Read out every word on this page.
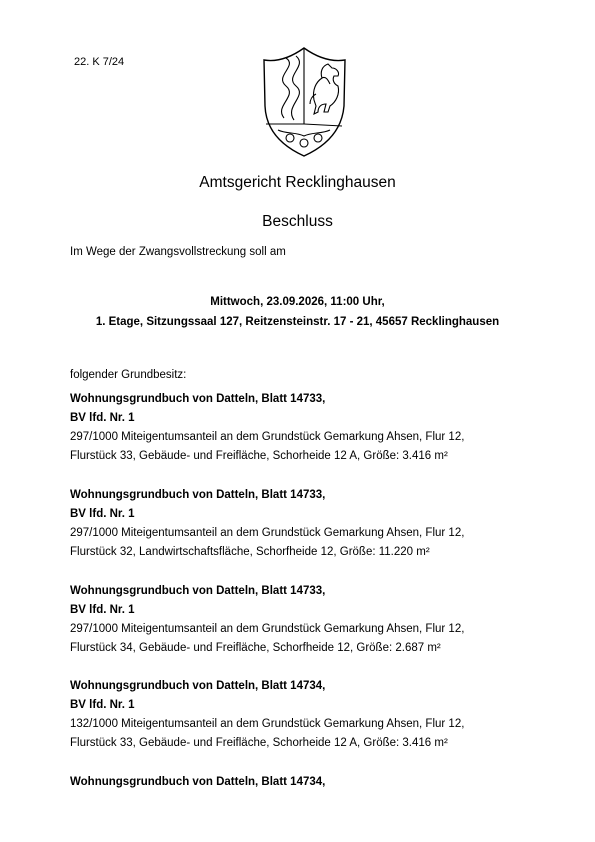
22. K 7/24
Amtsgericht Recklinghausen
Beschluss
Im Wege der Zwangsvollstreckung soll am
Mittwoch, 23.09.2026, 11:00 Uhr,
1. Etage, Sitzungssaal 127, Reitzensteinstr. 17 - 21, 45657 Recklinghausen
folgender Grundbesitz:
Wohnungsgrundbuch von Datteln, Blatt 14733,
BV lfd. Nr. 1
297/1000 Miteigentumsanteil an dem Grundstück Gemarkung Ahsen, Flur 12,
Flurstück 33, Gebäude- und Freifläche, Schorheide 12 A, Größe: 3.416 m²
Wohnungsgrundbuch von Datteln, Blatt 14733,
BV lfd. Nr. 1
297/1000 Miteigentumsanteil an dem Grundstück Gemarkung Ahsen, Flur 12,
Flurstück 32, Landwirtschaftsfläche, Schorfheide 12, Größe: 11.220 m²
Wohnungsgrundbuch von Datteln, Blatt 14733,
BV lfd. Nr. 1
297/1000 Miteigentumsanteil an dem Grundstück Gemarkung Ahsen, Flur 12,
Flurstück 34, Gebäude- und Freifläche, Schorfheide 12, Größe: 2.687 m²
Wohnungsgrundbuch von Datteln, Blatt 14734,
BV lfd. Nr. 1
132/1000 Miteigentumsanteil an dem Grundstück Gemarkung Ahsen, Flur 12,
Flurstück 33, Gebäude- und Freifläche, Schorheide 12 A, Größe: 3.416 m²
Wohnungsgrundbuch von Datteln, Blatt 14734,
